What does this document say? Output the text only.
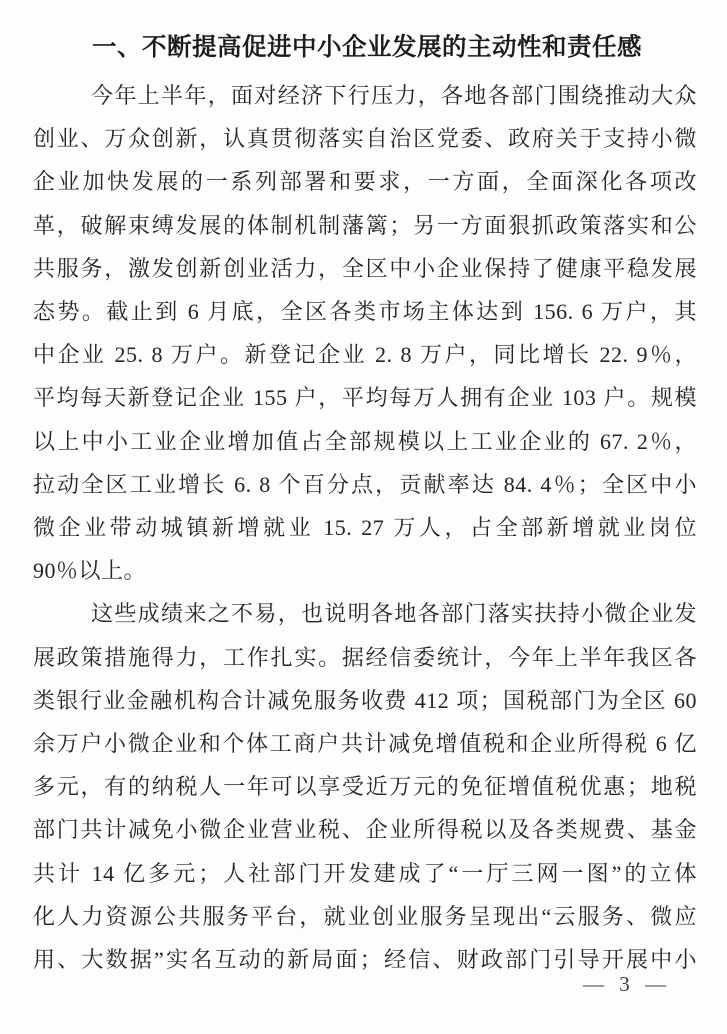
一、不断提高促进中小企业发展的主动性和责任感
今年上半年，面对经济下行压力，各地各部门围绕推动大众
创业、万众创新，认真贯彻落实自治区党委、政府关于支持小微
企业加快发展的一系列部署和要求，一方面，全面深化各项改
革，破解束缚发展的体制机制藩篱；另一方面狠抓政策落实和公
共服务，激发创新创业活力，全区中小企业保持了健康平稳发展
态势。截止到 6 月底，全区各类市场主体达到 156. 6 万户，其
中企业 25. 8 万户。新登记企业 2. 8 万户，同比增长 22. 9％，
平均每天新登记企业 155 户，平均每万人拥有企业 103 户。规模
以上中小工业企业增加值占全部规模以上工业企业的 67. 2％，
拉动全区工业增长 6. 8 个百分点，贡献率达 84. 4％；全区中小
微企业带动城镇新增就业 15. 27 万人，占全部新增就业岗位
90％以上。
这些成绩来之不易，也说明各地各部门落实扶持小微企业发
展政策措施得力，工作扎实。据经信委统计，今年上半年我区各
类银行业金融机构合计减免服务收费 412 项；国税部门为全区 60
余万户小微企业和个体工商户共计减免增值税和企业所得税 6 亿
多元，有的纳税人一年可以享受近万元的免征增值税优惠；地税
部门共计减免小微企业营业税、企业所得税以及各类规费、基金
共计 14 亿多元；人社部门开发建成了“一厅三网一图”的立体
化人力资源公共服务平台，就业创业服务呈现出“云服务、微应
用、大数据”实名互动的新局面；经信、财政部门引导开展中小
— 3 —
